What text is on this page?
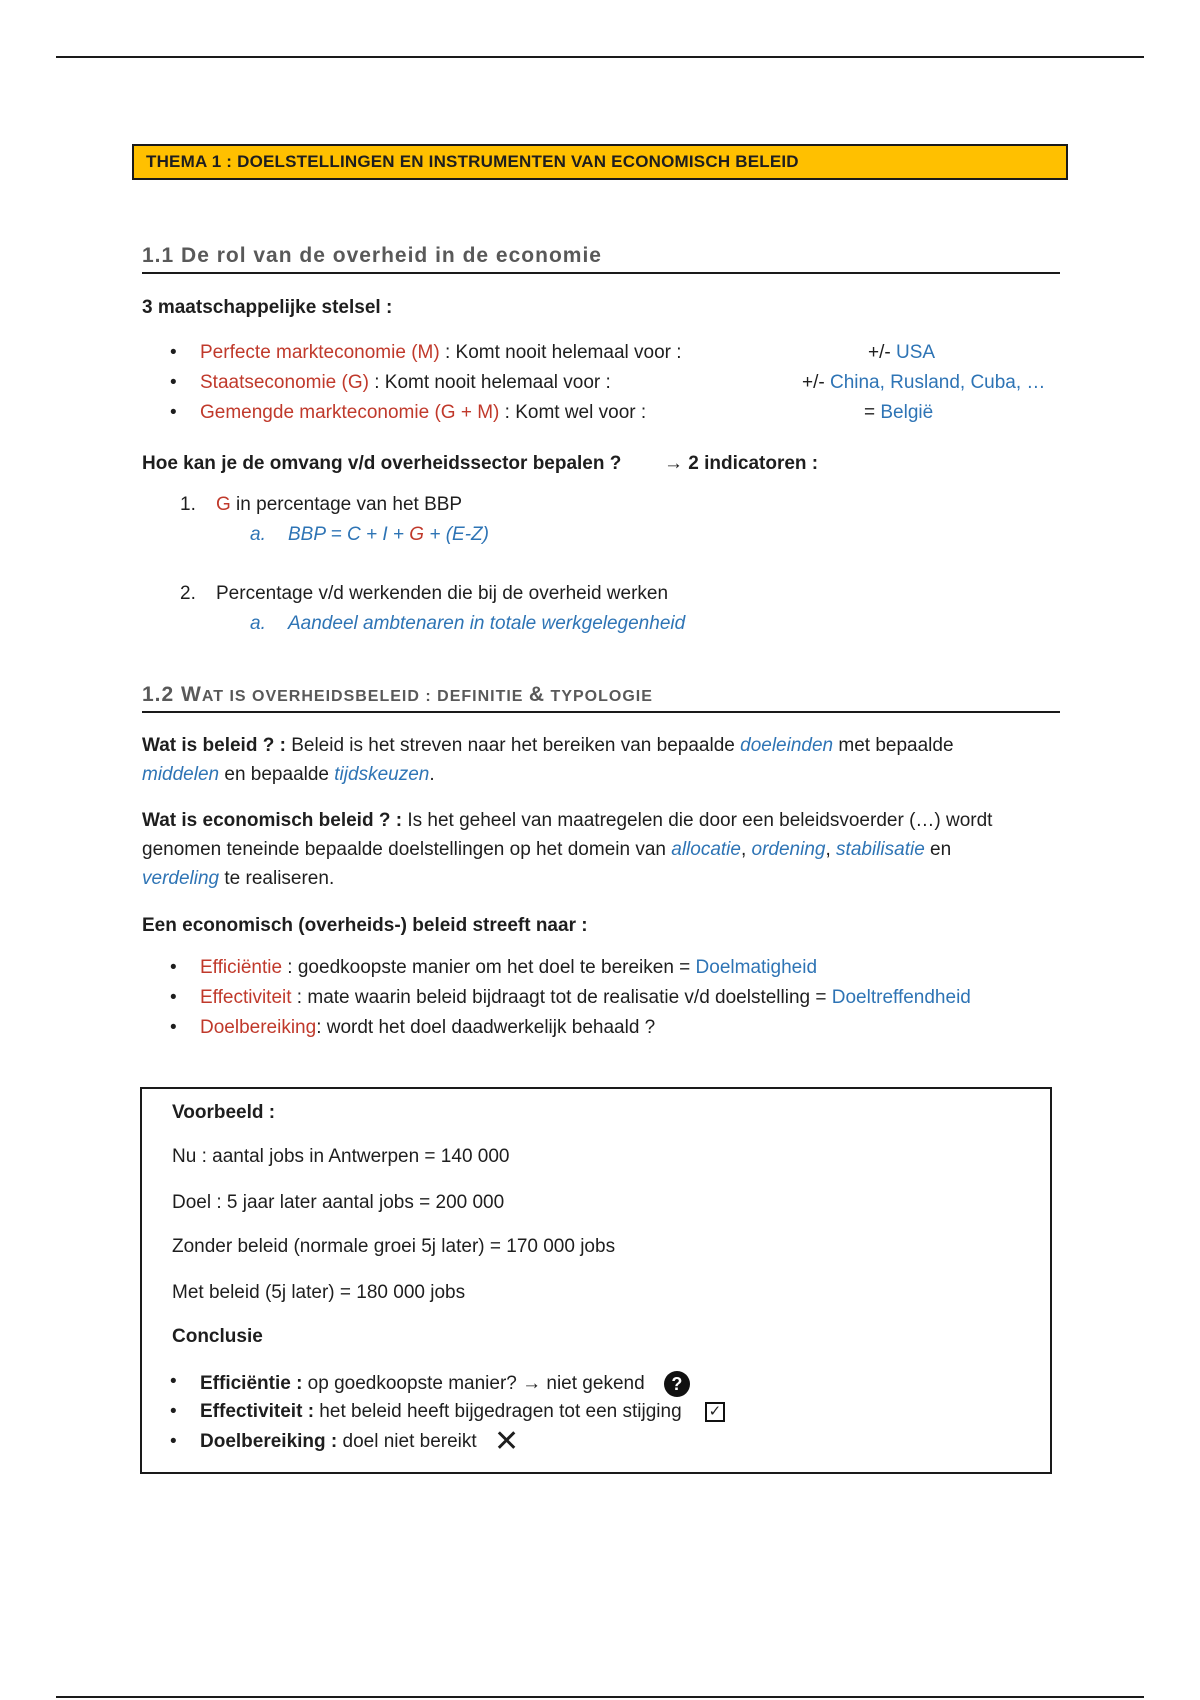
THEMA 1 : DOELSTELLINGEN EN INSTRUMENTEN VAN ECONOMISCH BELEID
1.1 De rol van de overheid in de economie
3 maatschappelijke stelsel :
Perfecte markteconomie (M) : Komt nooit helemaal voor :	+/- USA
Staatseconomie (G) : Komt nooit helemaal voor :	+/- China, Rusland, Cuba, …
Gemengde markteconomie (G + M) : Komt wel voor :	= België
Hoe kan je de omvang v/d overheidssector bepalen ? → 2 indicatoren :
1. G in percentage van het BBP
a. BBP = C + I + G + (E-Z)
2. Percentage v/d werkenden die bij de overheid werken
a. Aandeel ambtenaren in totale werkgelegenheid
1.2 WAT IS OVERHEIDSBELEID : DEFINITIE & TYPOLOGIE
Wat is beleid ? : Beleid is het streven naar het bereiken van bepaalde doeleinden met bepaalde
middelen en bepaalde tijdskeuzen.
Wat is economisch beleid ? : Is het geheel van maatregelen die door een beleidsvoerder (…) wordt
genomen teneinde bepaalde doelstellingen op het domein van allocatie, ordening, stabilisatie en
verdeling te realiseren.
Een economisch (overheids-) beleid streeft naar :
Efficiëntie : goedkoopste manier om het doel te bereiken = Doelmatigheid
Effectiviteit : mate waarin beleid bijdraagt tot de realisatie v/d doelstelling = Doeltreffendheid
Doelbereiking: wordt het doel daadwerkelijk behaald ?
Voorbeeld :
Nu : aantal jobs in Antwerpen = 140 000
Doel : 5 jaar later aantal jobs = 200 000
Zonder beleid (normale groei 5j later) = 170 000 jobs
Met beleid (5j later) = 180 000 jobs
Conclusie
Efficiëntie : op goedkoopste manier? → niet gekend ?
Effectiviteit : het beleid heeft bijgedragen tot een stijging ✓
Doelbereiking : doel niet bereikt ✕
